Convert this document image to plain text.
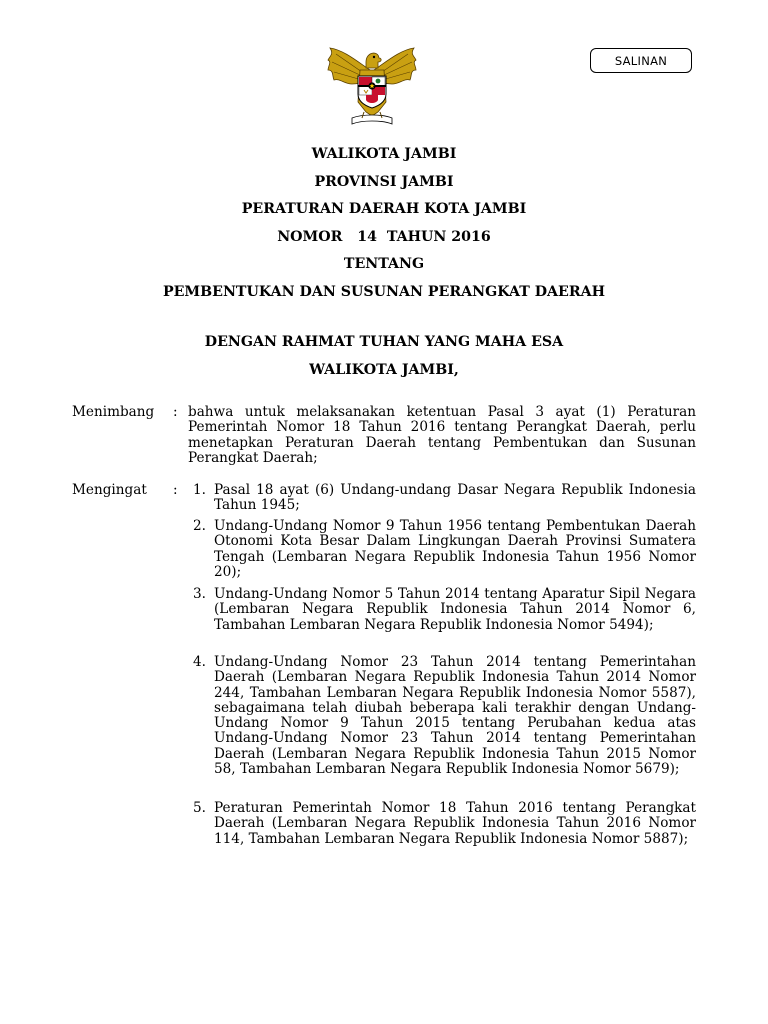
SALINAN
WALIKOTA JAMBI
PROVINSI JAMBI
PERATURAN DAERAH KOTA JAMBI
NOMOR   14  TAHUN 2016
TENTANG
PEMBENTUKAN DAN SUSUNAN PERANGKAT DAERAH
DENGAN RAHMAT TUHAN YANG MAHA ESA
WALIKOTA JAMBI,
Menimbang : bahwa untuk melaksanakan ketentuan Pasal 3 ayat (1) Peraturan Pemerintah Nomor 18 Tahun 2016 tentang Perangkat Daerah, perlu menetapkan Peraturan Daerah tentang Pembentukan dan Susunan Perangkat Daerah;
Mengingat :	1. Pasal 18 ayat (6) Undang-undang Dasar Negara Republik Indonesia Tahun 1945;
2. Undang-Undang Nomor 9 Tahun 1956 tentang Pembentukan Daerah Otonomi Kota Besar Dalam Lingkungan Daerah Provinsi Sumatera Tengah (Lembaran Negara Republik Indonesia Tahun 1956 Nomor 20);
3. Undang-Undang Nomor 5 Tahun 2014 tentang Aparatur Sipil Negara (Lembaran Negara Republik Indonesia Tahun 2014 Nomor 6, Tambahan Lembaran Negara Republik Indonesia Nomor 5494);
4. Undang-Undang Nomor 23 Tahun 2014 tentang Pemerintahan Daerah (Lembaran Negara Republik Indonesia Tahun 2014 Nomor 244, Tambahan Lembaran Negara Republik Indonesia Nomor 5587), sebagaimana telah diubah beberapa kali terakhir dengan Undang-Undang Nomor 9 Tahun 2015 tentang Perubahan kedua atas Undang-Undang Nomor 23 Tahun 2014 tentang Pemerintahan Daerah (Lembaran Negara Republik Indonesia Tahun 2015 Nomor 58, Tambahan Lembaran Negara Republik Indonesia Nomor 5679);
5. Peraturan Pemerintah Nomor 18 Tahun 2016 tentang Perangkat Daerah (Lembaran Negara Republik Indonesia Tahun 2016 Nomor 114, Tambahan Lembaran Negara Republik Indonesia Nomor 5887);
